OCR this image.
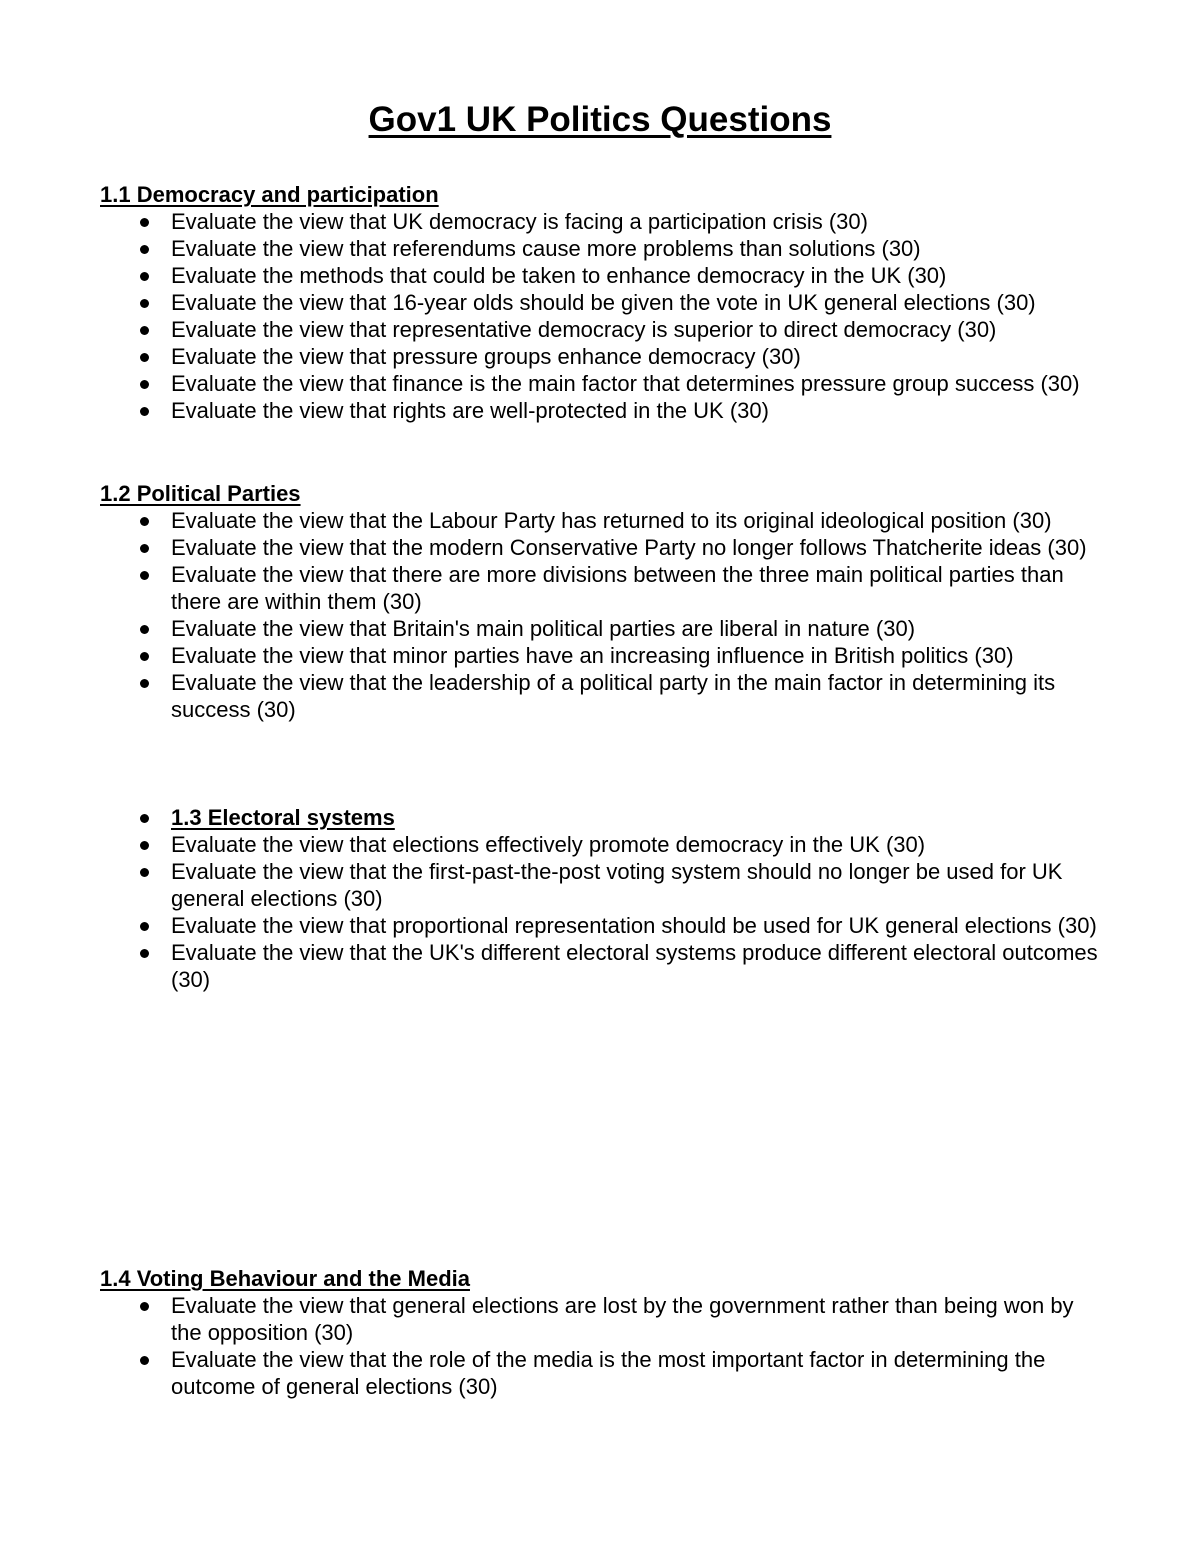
Gov1 UK Politics Questions
1.1 Democracy and participation
Evaluate the view that UK democracy is facing a participation crisis (30)
Evaluate the view that referendums cause more problems than solutions (30)
Evaluate the methods that could be taken to enhance democracy in the UK (30)
Evaluate the view that 16-year olds should be given the vote in UK general elections (30)
Evaluate the view that representative democracy is superior to direct democracy (30)
Evaluate the view that pressure groups enhance democracy (30)
Evaluate the view that finance is the main factor that determines pressure group success (30)
Evaluate the view that rights are well-protected in the UK (30)
1.2 Political Parties
Evaluate the view that the Labour Party has returned to its original ideological position (30)
Evaluate the view that the modern Conservative Party no longer follows Thatcherite ideas (30)
Evaluate the view that there are more divisions between the three main political parties than there are within them (30)
Evaluate the view that Britain's main political parties are liberal in nature (30)
Evaluate the view that minor parties have an increasing influence in British politics (30)
Evaluate the view that the leadership of a political party in the main factor in determining its success (30)
1.3 Electoral systems
Evaluate the view that elections effectively promote democracy in the UK (30)
Evaluate the view that the first-past-the-post voting system should no longer be used for UK general elections (30)
Evaluate the view that proportional representation should be used for UK general elections (30)
Evaluate the view that the UK's different electoral systems produce different electoral outcomes (30)
1.4 Voting Behaviour and the Media
Evaluate the view that general elections are lost by the government rather than being won by the opposition (30)
Evaluate the view that the role of the media is the most important factor in determining the outcome of general elections (30)
